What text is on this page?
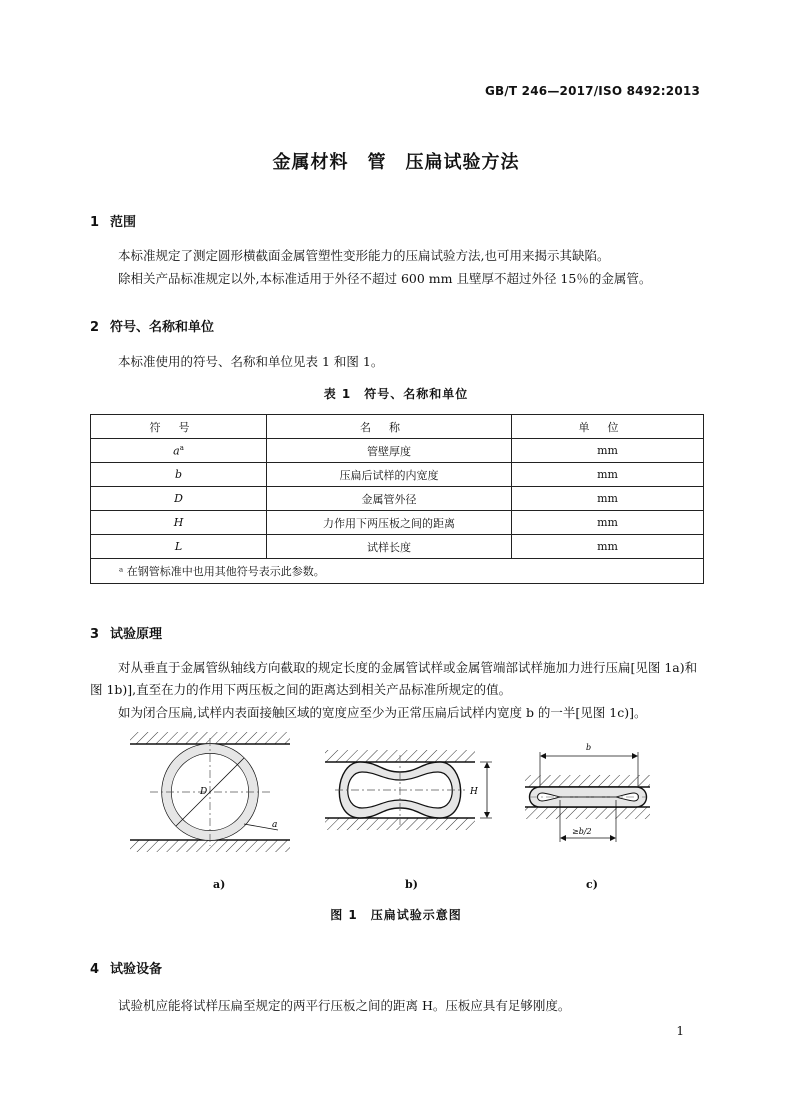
GB/T 246—2017/ISO 8492:2013
金属材料　管　压扁试验方法
1 范围
本标准规定了测定圆形横截面金属管塑性变形能力的压扁试验方法,也可用来揭示其缺陷。
除相关产品标准规定以外,本标准适用于外径不超过 600 mm 且壁厚不超过外径 15％的金属管。
2 符号、名称和单位
本标准使用的符号、名称和单位见表 1 和图 1。
表 1　符号、名称和单位
符号	名称	单位
$a^a$	管壁厚度	mm
b	压扁后试样的内宽度	mm
D	金属管外径	mm
H	力作用下两压板之间的距离	mm
L	试样长度	mm
ᵃ 在钢管标准中也用其他符号表示此参数。		
3 试验原理
对从垂直于金属管纵轴线方向截取的规定长度的金属管试样或金属管端部试样施加力进行压扁[见图 1a)和图 1b)],直至在力的作用下两压板之间的距离达到相关产品标准所规定的值。
如为闭合压扁,试样内表面接触区域的宽度应至少为正常压扁后试样内宽度 b 的一半[见图 1c)]。
D
a
H
b
≥b/2
a)	b)	c)
图 1　压扁试验示意图
4 试验设备
试验机应能将试样压扁至规定的两平行压板之间的距离 H。压板应具有足够刚度。
1
